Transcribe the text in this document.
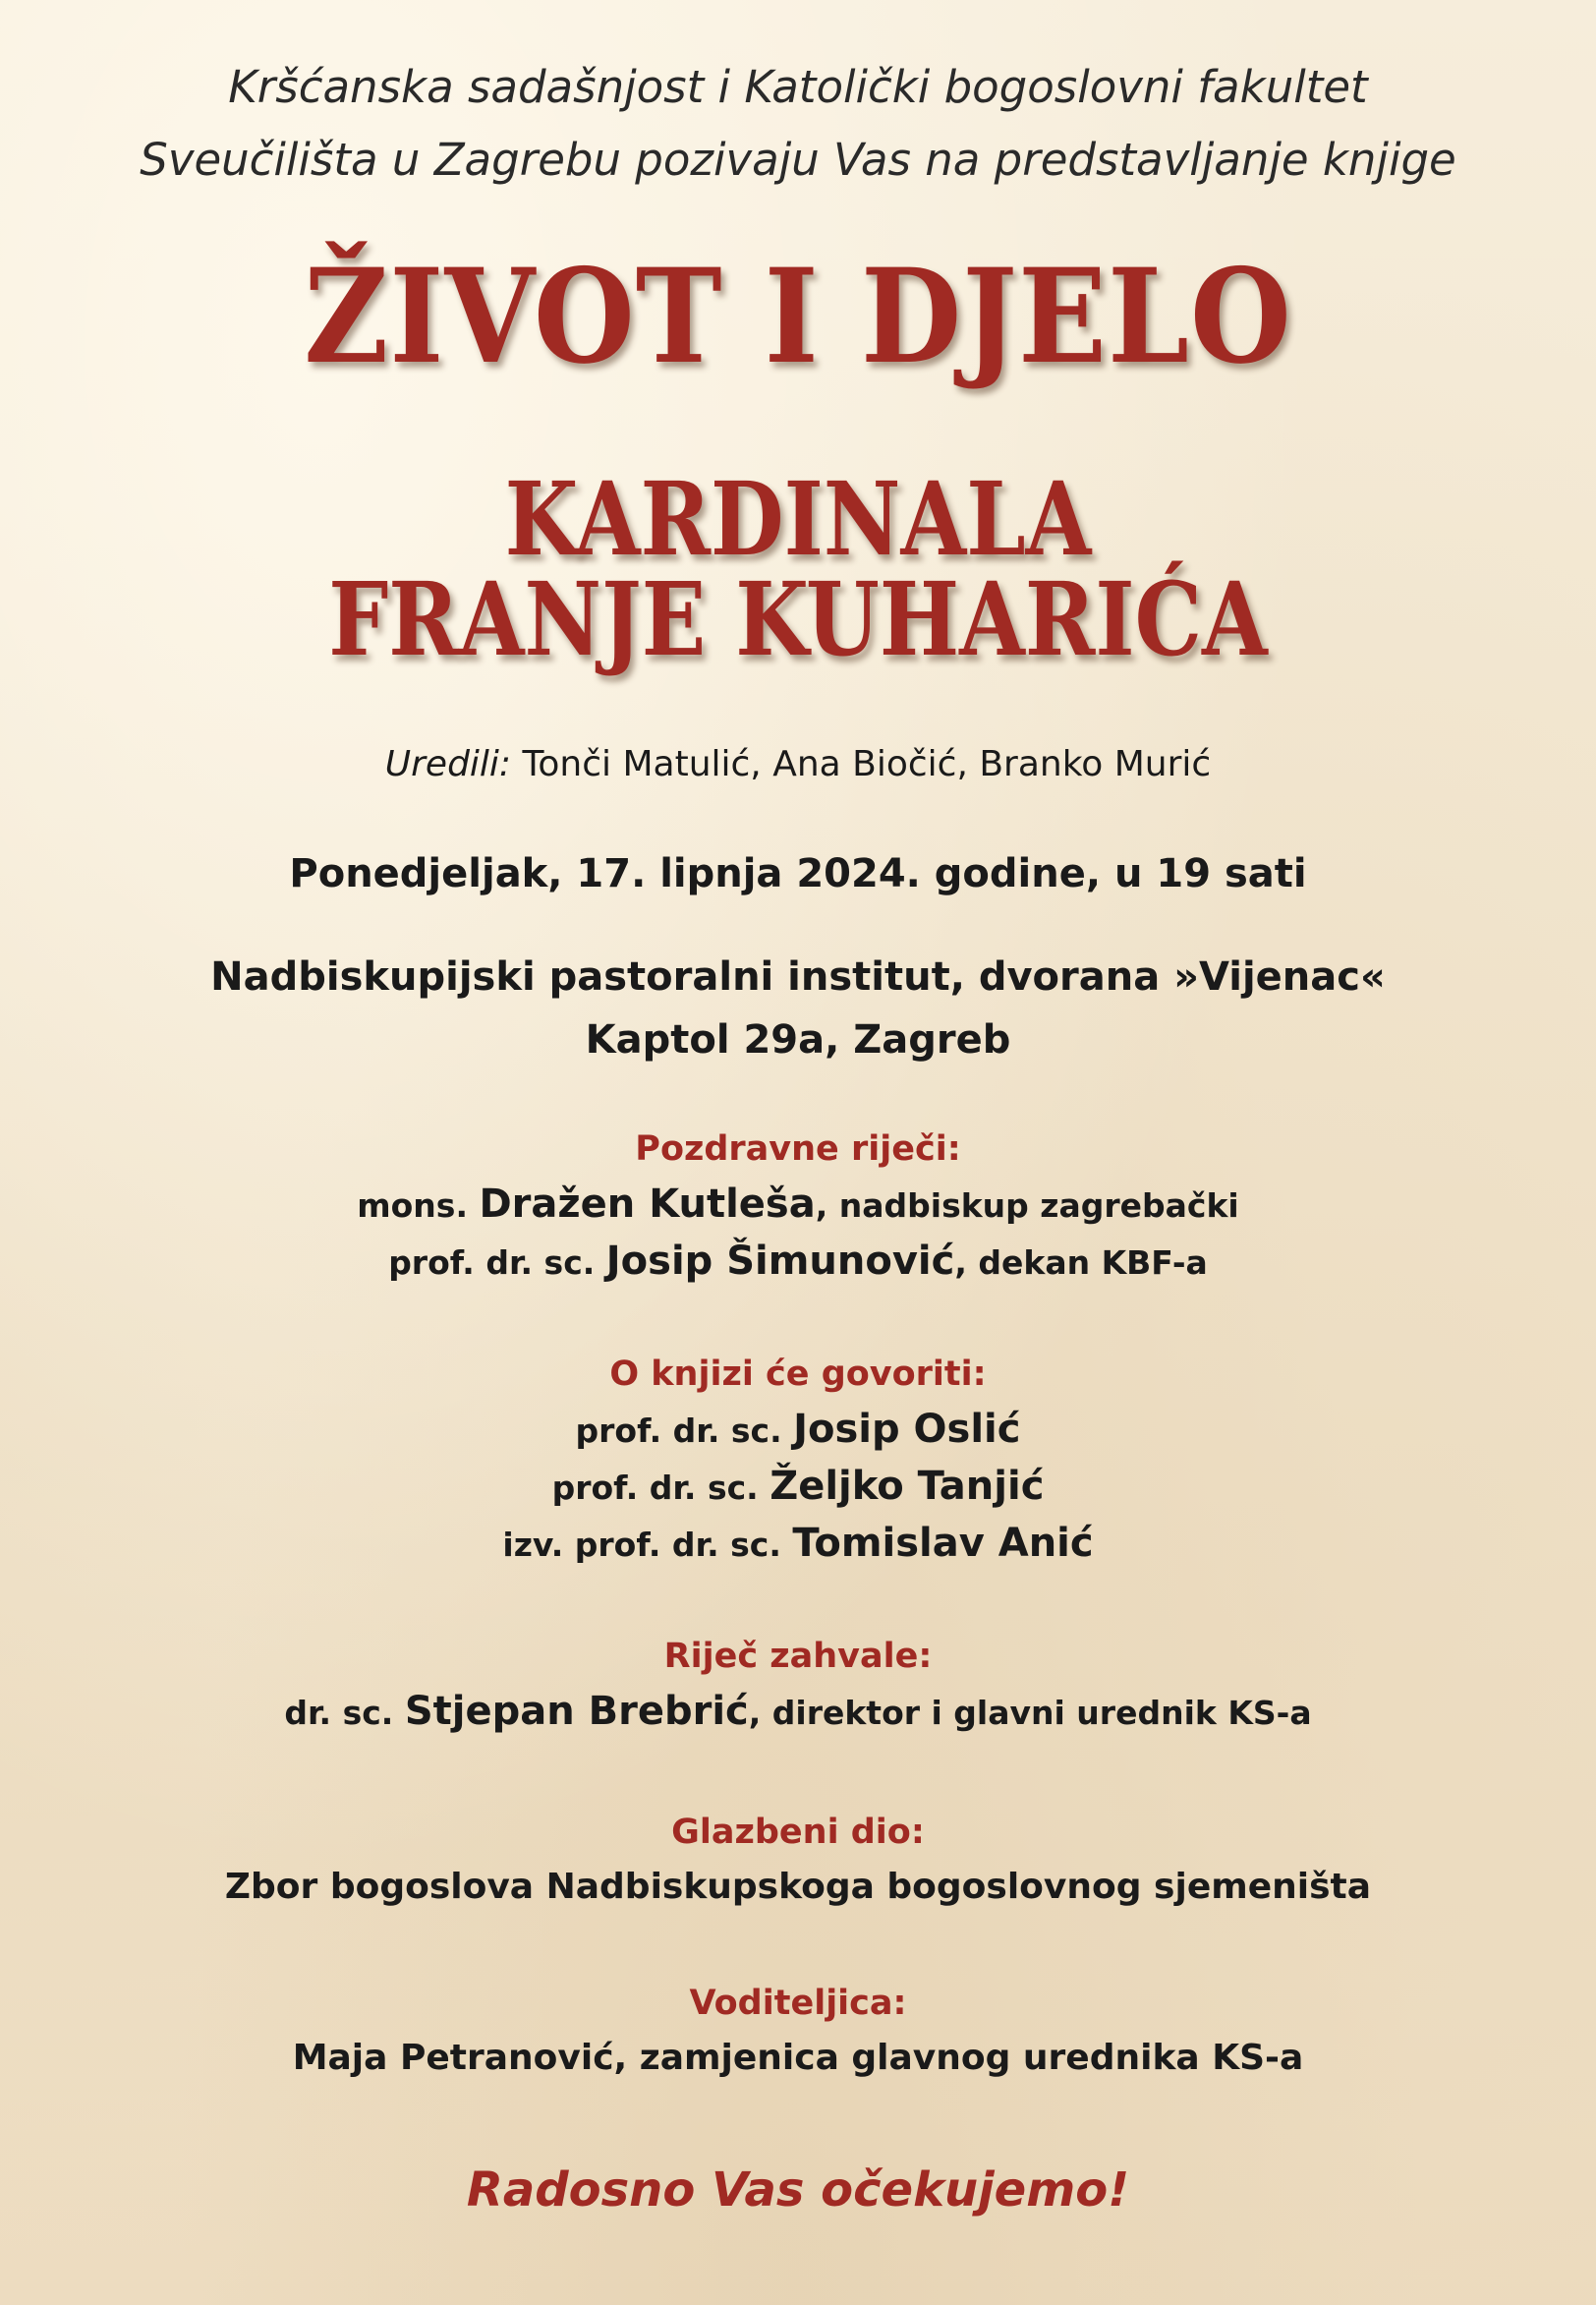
Kršćanska sadašnjost i Katolički bogoslovni fakultet
Sveučilišta u Zagrebu pozivaju Vas na predstavljanje knjige
ŽIVOT I DJELO
KARDINALA
FRANJE KUHARIĆA
Uredili: Tonči Matulić, Ana Biočić, Branko Murić
Ponedjeljak, 17. lipnja 2024. godine, u 19 sati
Nadbiskupijski pastoralni institut, dvorana »Vijenac«
Kaptol 29a, Zagreb
Pozdravne riječi:
mons. Dražen Kutleša, nadbiskup zagrebački
prof. dr. sc. Josip Šimunović, dekan KBF-a
O knjizi će govoriti:
prof. dr. sc. Josip Oslić
prof. dr. sc. Željko Tanjić
izv. prof. dr. sc. Tomislav Anić
Riječ zahvale:
dr. sc. Stjepan Brebrić, direktor i glavni urednik KS-a
Glazbeni dio:
Zbor bogoslova Nadbiskupskoga bogoslovnog sjemeništa
Voditeljica:
Maja Petranović, zamjenica glavnog urednika KS-a
Radosno Vas očekujemo!
